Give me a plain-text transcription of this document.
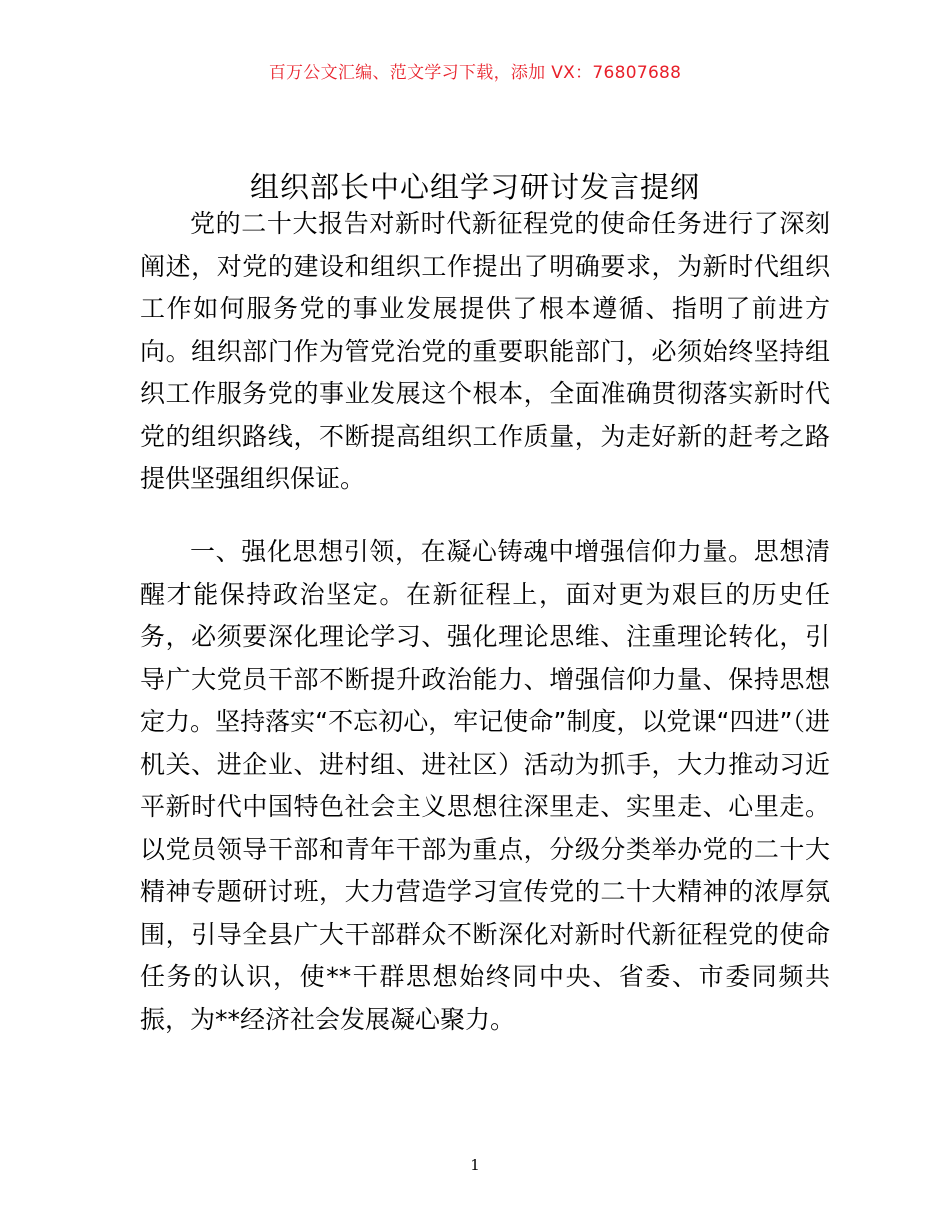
百万公文汇编、范文学习下载，添加 VX：76807688
组织部长中心组学习研讨发言提纲

党的二十大报告对新时代新征程党的使命任务进行了深刻阐述，对党的建设和组织工作提出了明确要求，为新时代组织工作如何服务党的事业发展提供了根本遵循、指明了前进方向。组织部门作为管党治党的重要职能部门，必须始终坚持组织工作服务党的事业发展这个根本，全面准确贯彻落实新时代党的组织路线，不断提高组织工作质量，为走好新的赶考之路提供坚强组织保证。

一、强化思想引领，在凝心铸魂中增强信仰力量。思想清醒才能保持政治坚定。在新征程上，面对更为艰巨的历史任务，必须要深化理论学习、强化理论思维、注重理论转化，引导广大党员干部不断提升政治能力、增强信仰力量、保持思想定力。坚持落实“不忘初心，牢记使命”制度，以党课“四进”（进机关、进企业、进村组、进社区）活动为抓手，大力推动习近平新时代中国特色社会主义思想往深里走、实里走、心里走。以党员领导干部和青年干部为重点，分级分类举办党的二十大精神专题研讨班，大力营造学习宣传党的二十大精神的浓厚氛围，引导全县广大干部群众不断深化对新时代新征程党的使命任务的认识，使**干群思想始终同中央、省委、市委同频共振，为**经济社会发展凝心聚力。

1
